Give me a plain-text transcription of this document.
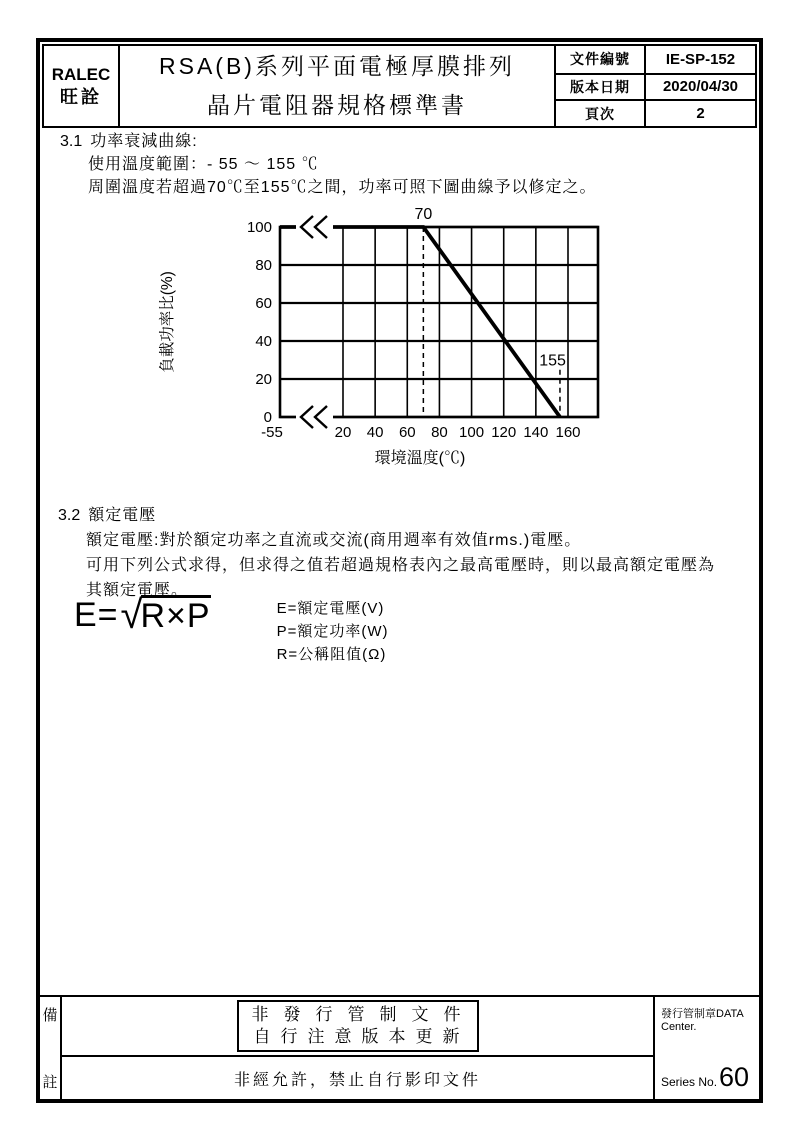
RALEC
旺詮
RSA(B)系列平面電極厚膜排列
晶片電阻器規格標準書
文件編號	IE-SP-152
版本日期	2020/04/30
頁次	2
3.1 功率衰減曲線:
使用溫度範圍：- 55 ～ 155 ℃
周圍溫度若超過70℃至155℃之間，功率可照下圖曲線予以修定之。
70
155
0
20
40
60
80
100
-55	20 40 60 80 100 120 140 160
負載功率比(%)
環境溫度(℃)
3.2 額定電壓
額定電壓:對於額定功率之直流或交流(商用週率有效值rms.)電壓。
可用下列公式求得，但求得之值若超過規格表內之最高電壓時，則以最高額定電壓為
其額定電壓。
E= √
R×P	E=額定電壓(V)
P=額定功率(W)
R=公稱阻值(Ω)
備
註
非發行管制文件
自行注意版本更新
非經允許，禁止自行影印文件
發行管制章DATA Center.
Series No. 60
